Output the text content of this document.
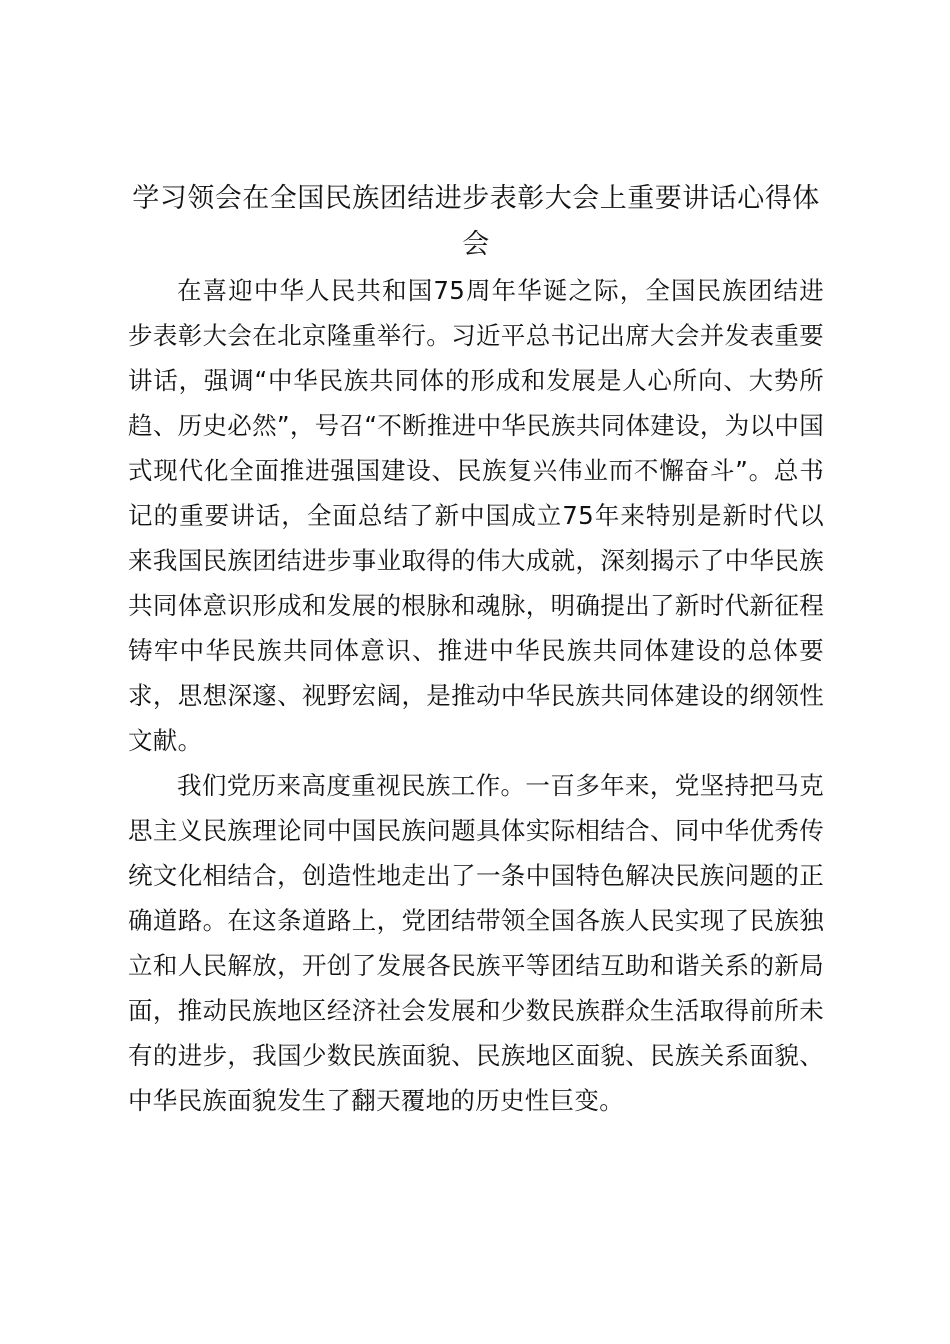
学习领会在全国民族团结进步表彰大会上重要讲话心得体会

在喜迎中华人民共和国75周年华诞之际，全国民族团结进步表彰大会在北京隆重举行。习近平总书记出席大会并发表重要讲话，强调“中华民族共同体的形成和发展是人心所向、大势所趋、历史必然”，号召“不断推进中华民族共同体建设，为以中国式现代化全面推进强国建设、民族复兴伟业而不懈奋斗”。总书记的重要讲话，全面总结了新中国成立75年来特别是新时代以来我国民族团结进步事业取得的伟大成就，深刻揭示了中华民族共同体意识形成和发展的根脉和魂脉，明确提出了新时代新征程铸牢中华民族共同体意识、推进中华民族共同体建设的总体要求，思想深邃、视野宏阔，是推动中华民族共同体建设的纲领性文献。

我们党历来高度重视民族工作。一百多年来，党坚持把马克思主义民族理论同中国民族问题具体实际相结合、同中华优秀传统文化相结合，创造性地走出了一条中国特色解决民族问题的正确道路。在这条道路上，党团结带领全国各族人民实现了民族独立和人民解放，开创了发展各民族平等团结互助和谐关系的新局面，推动民族地区经济社会发展和少数民族群众生活取得前所未有的进步，我国少数民族面貌、民族地区面貌、民族关系面貌、中华民族面貌发生了翻天覆地的历史性巨变。
